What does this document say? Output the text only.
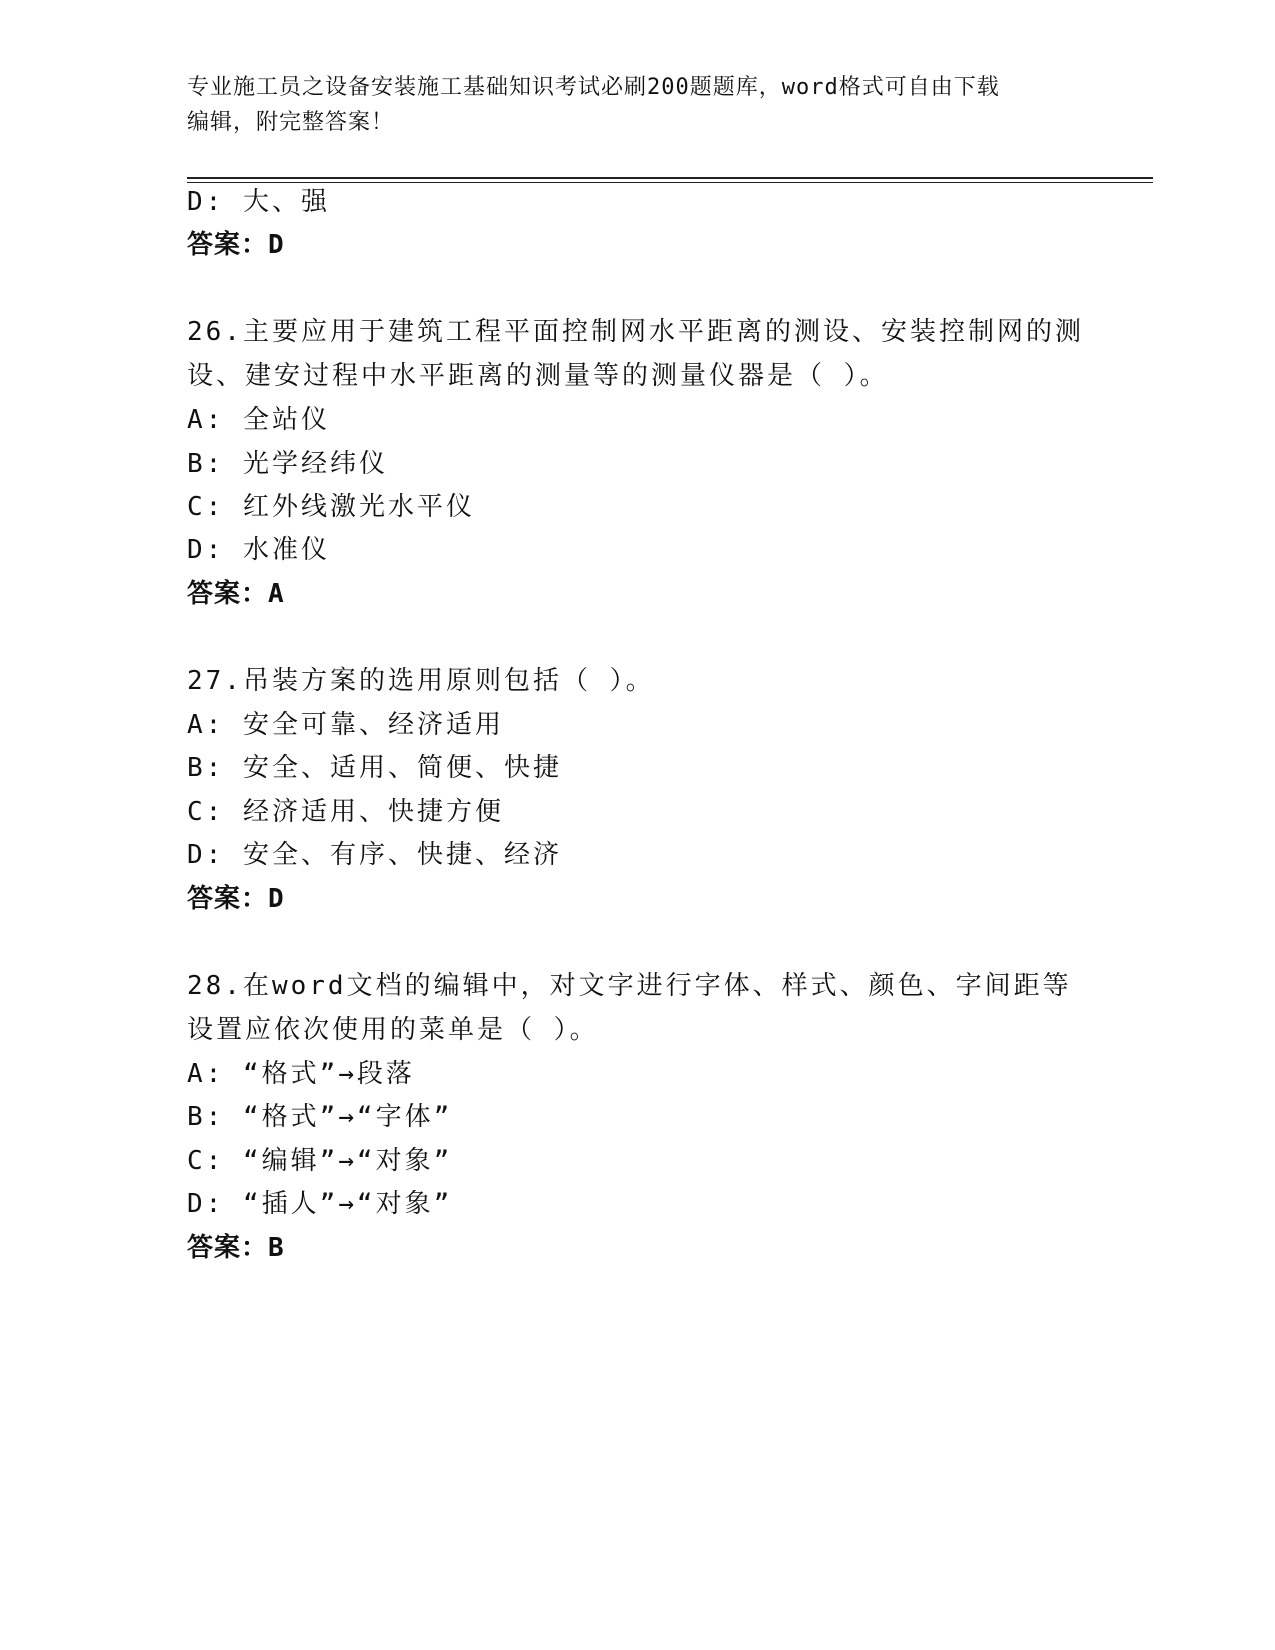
专业施工员之设备安装施工基础知识考试必刷200题题库，word格式可自由下载
编辑，附完整答案！
D: 大、强
答案：D
26.主要应用于建筑工程平面控制网水平距离的测设、安装控制网的测
设、建安过程中水平距离的测量等的测量仪器是（ ）。
A: 全站仪
B: 光学经纬仪
C: 红外线激光水平仪
D: 水准仪
答案：A
27.吊装方案的选用原则包括（ ）。
A: 安全可靠、经济适用
B: 安全、适用、简便、快捷
C: 经济适用、快捷方便
D: 安全、有序、快捷、经济
答案：D
28.在word文档的编辑中，对文字进行字体、样式、颜色、字间距等
设置应依次使用的菜单是（ ）。
A: “格式”→段落
B: “格式”→“字体”
C: “编辑”→“对象”
D: “插人”→“对象”
答案：B
